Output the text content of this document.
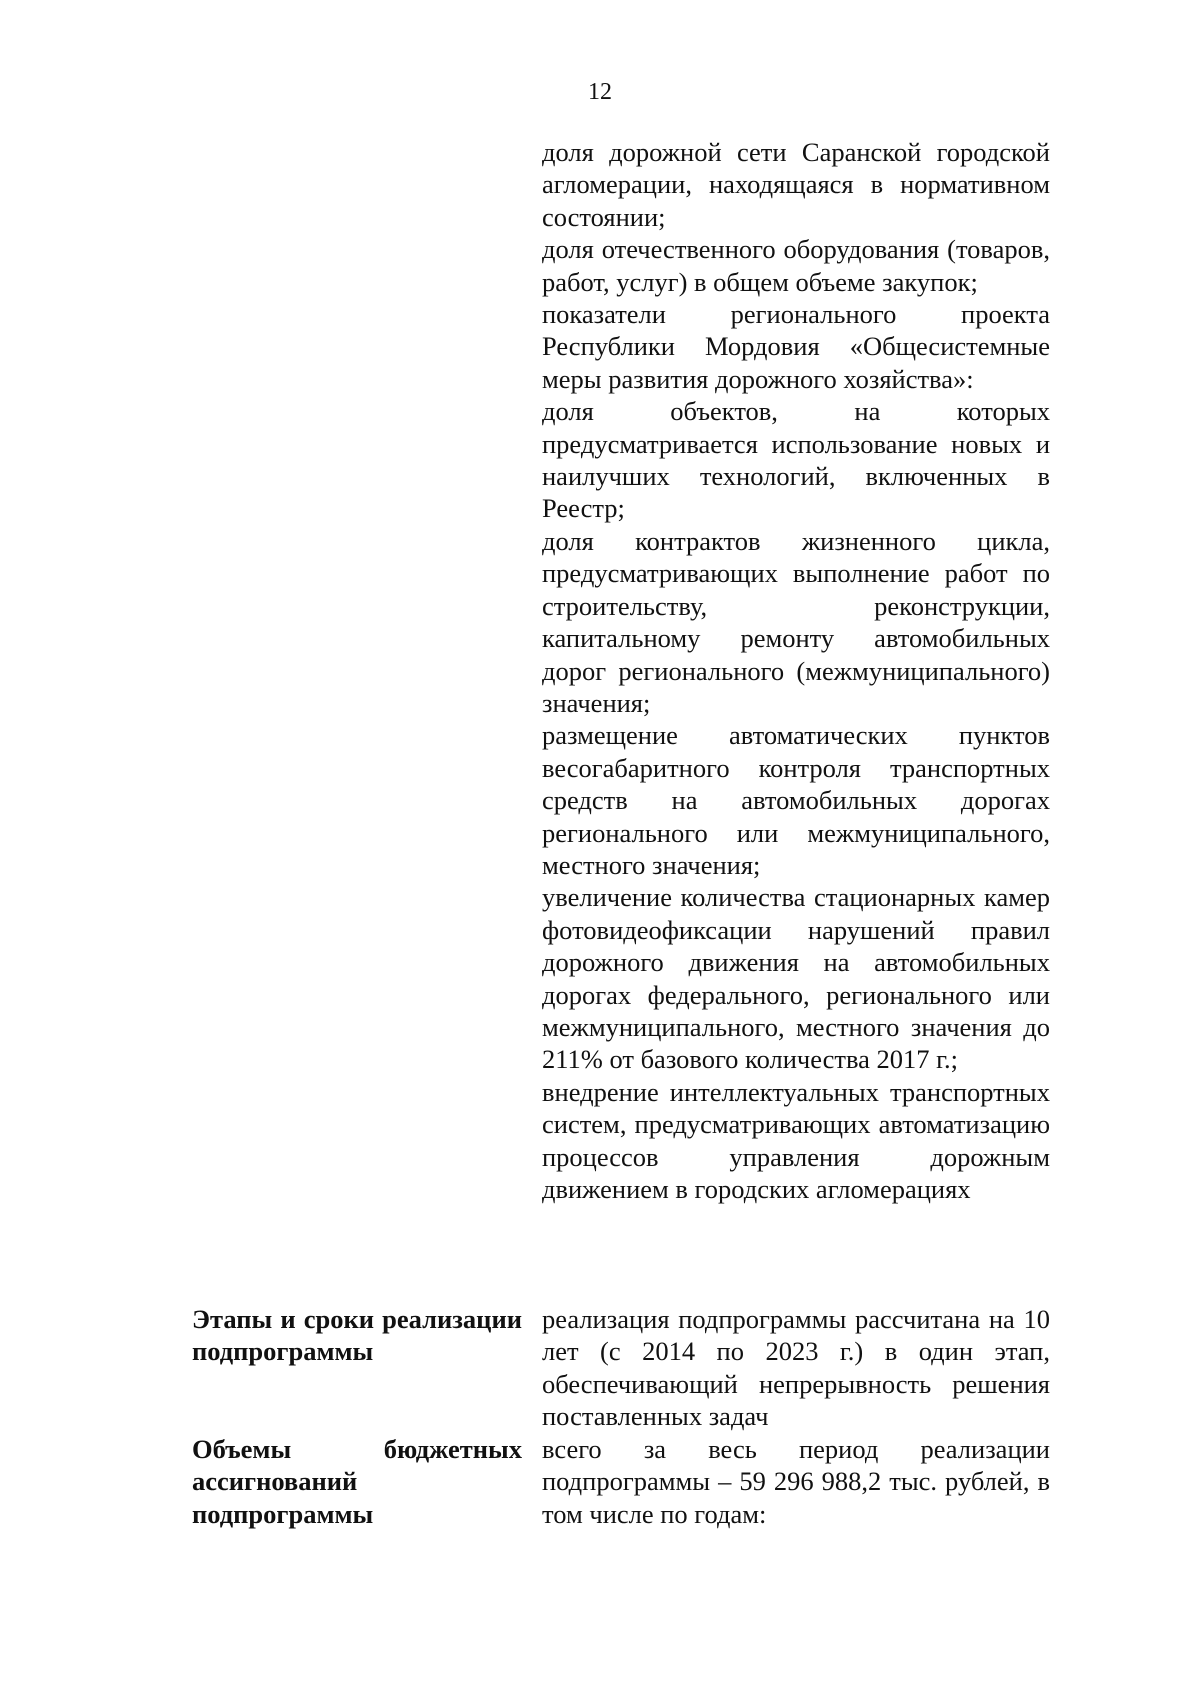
12

доля дорожной сети Саранской городской агломерации, находящаяся в нормативном состоянии;

доля отечественного оборудования (товаров, работ, услуг) в общем объеме закупок;

показатели регионального проекта Республики Мордовия «Общесистемные меры развития дорожного хозяйства»:

доля объектов, на которых предусматривается использование новых и наилучших технологий, включенных в Реестр;

доля контрактов жизненного цикла, предусматривающих выполнение работ по строительству, реконструкции, капитальному ремонту автомобильных дорог регионального (межмуниципального) значения;

размещение автоматических пунктов весогабаритного контроля транспортных средств на автомобильных дорогах регионального или межмуниципального, местного значения;

увеличение количества стационарных камер фотовидеофиксации нарушений правил дорожного движения на автомобильных дорогах федерального, регионального или межмуниципального, местного значения до 211% от базового количества 2017 г.;

внедрение интеллектуальных транспортных систем, предусматривающих автоматизацию процессов управления дорожным движением в городских агломерациях

Этапы и сроки реализации подпрограммы

реализация подпрограммы рассчитана на 10 лет (с 2014 по 2023 г.) в один этап, обеспечивающий непрерывность решения поставленных задач

Объемы бюджетных ассигнований подпрограммы

всего за весь период реализации подпрограммы – 59 296 988,2 тыс. рублей, в том числе по годам:
